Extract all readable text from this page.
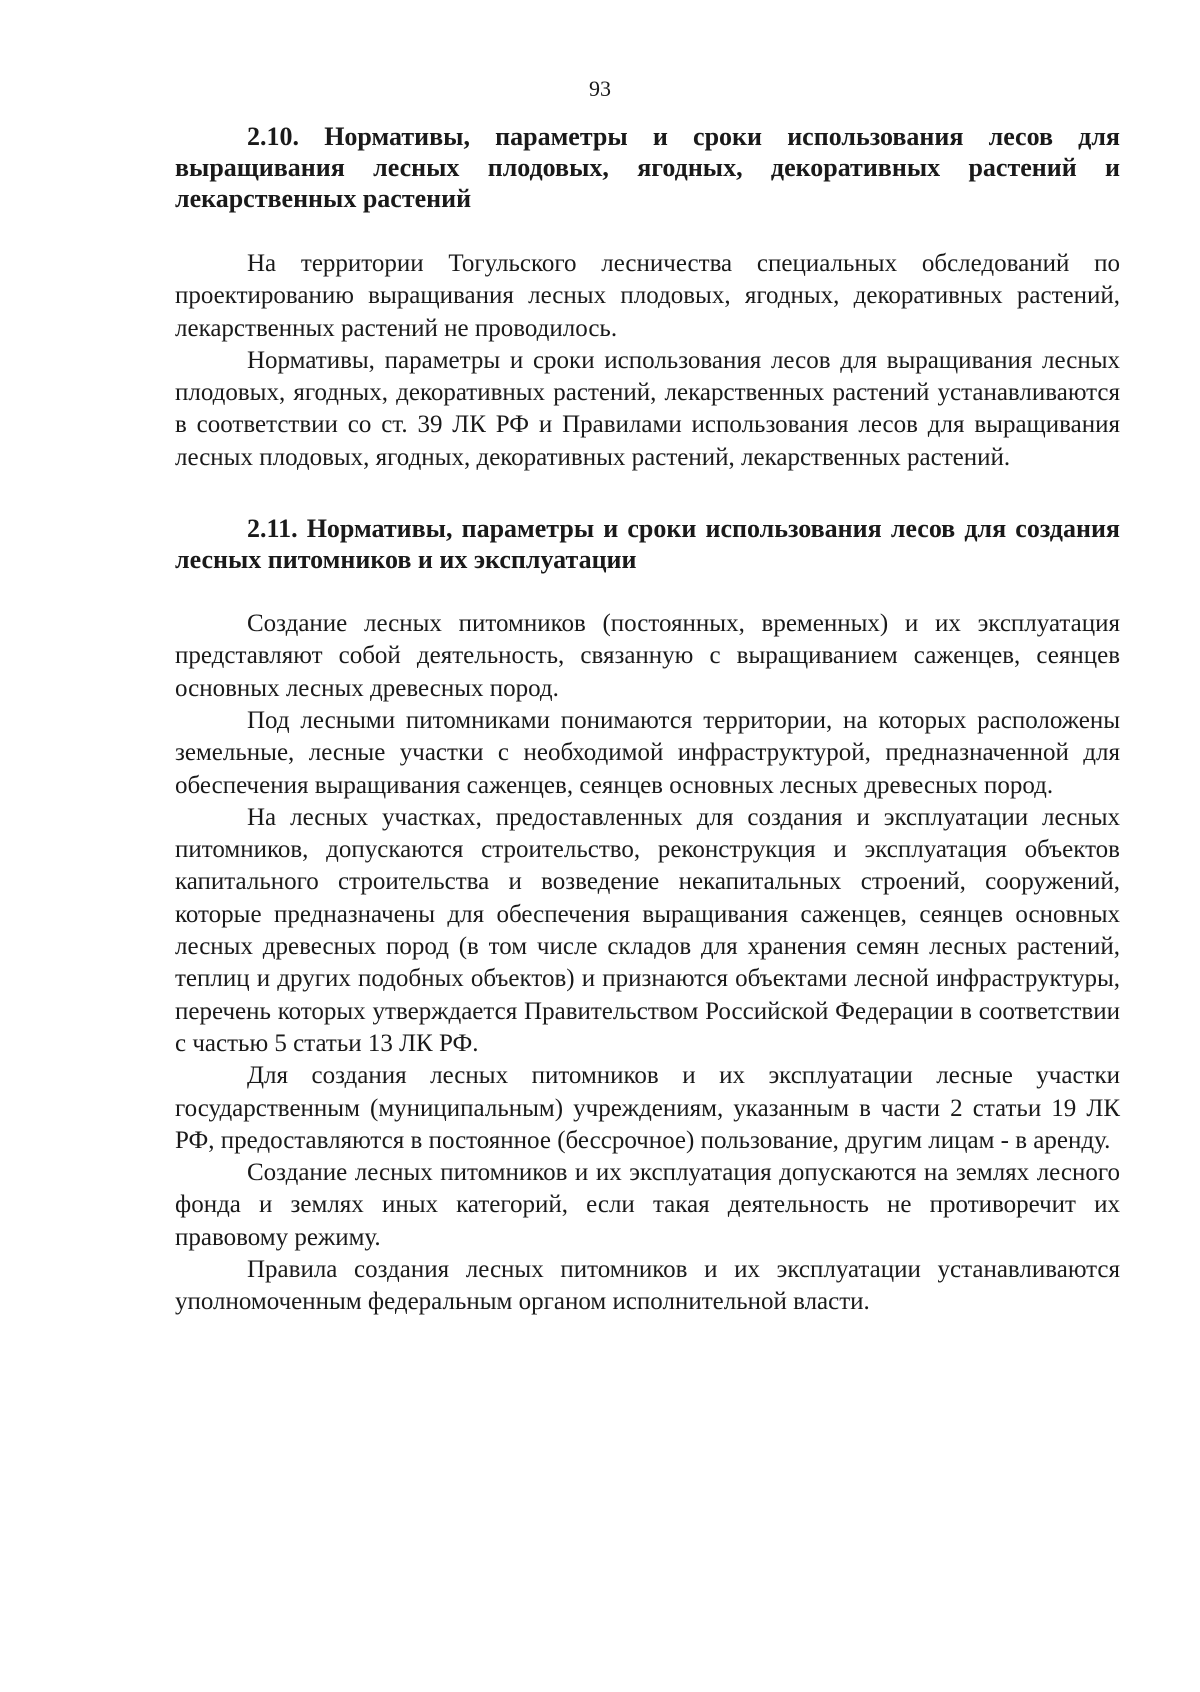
93

2.10. Нормативы, параметры и сроки использования лесов для выращивания лесных плодовых, ягодных, декоративных растений и лекарственных растений

На территории Тогульского лесничества специальных обследований по проектированию выращивания лесных плодовых, ягодных, декоративных растений, лекарственных растений не проводилось.

Нормативы, параметры и сроки использования лесов для выращивания лесных плодовых, ягодных, декоративных растений, лекарственных растений устанавливаются в соответствии со ст. 39 ЛК РФ и Правилами использования лесов для выращивания лесных плодовых, ягодных, декоративных растений, лекарственных растений.

2.11. Нормативы, параметры и сроки использования лесов для создания лесных питомников и их эксплуатации

Создание лесных питомников (постоянных, временных) и их эксплуатация представляют собой деятельность, связанную с выращиванием саженцев, сеянцев основных лесных древесных пород.

Под лесными питомниками понимаются территории, на которых расположены земельные, лесные участки с необходимой инфраструктурой, предназначенной для обеспечения выращивания саженцев, сеянцев основных лесных древесных пород.

На лесных участках, предоставленных для создания и эксплуатации лесных питомников, допускаются строительство, реконструкция и эксплуатация объектов капитального строительства и возведение некапитальных строений, сооружений, которые предназначены для обеспечения выращивания саженцев, сеянцев основных лесных древесных пород (в том числе складов для хранения семян лесных растений, теплиц и других подобных объектов) и признаются объектами лесной инфраструктуры, перечень которых утверждается Правительством Российской Федерации в соответствии с частью 5 статьи 13 ЛК РФ.

Для создания лесных питомников и их эксплуатации лесные участки государственным (муниципальным) учреждениям, указанным в части 2 статьи 19 ЛК РФ, предоставляются в постоянное (бессрочное) пользование, другим лицам - в аренду.

Создание лесных питомников и их эксплуатация допускаются на землях лесного фонда и землях иных категорий, если такая деятельность не противоречит их правовому режиму.

Правила создания лесных питомников и их эксплуатации устанавливаются уполномоченным федеральным органом исполнительной власти.
